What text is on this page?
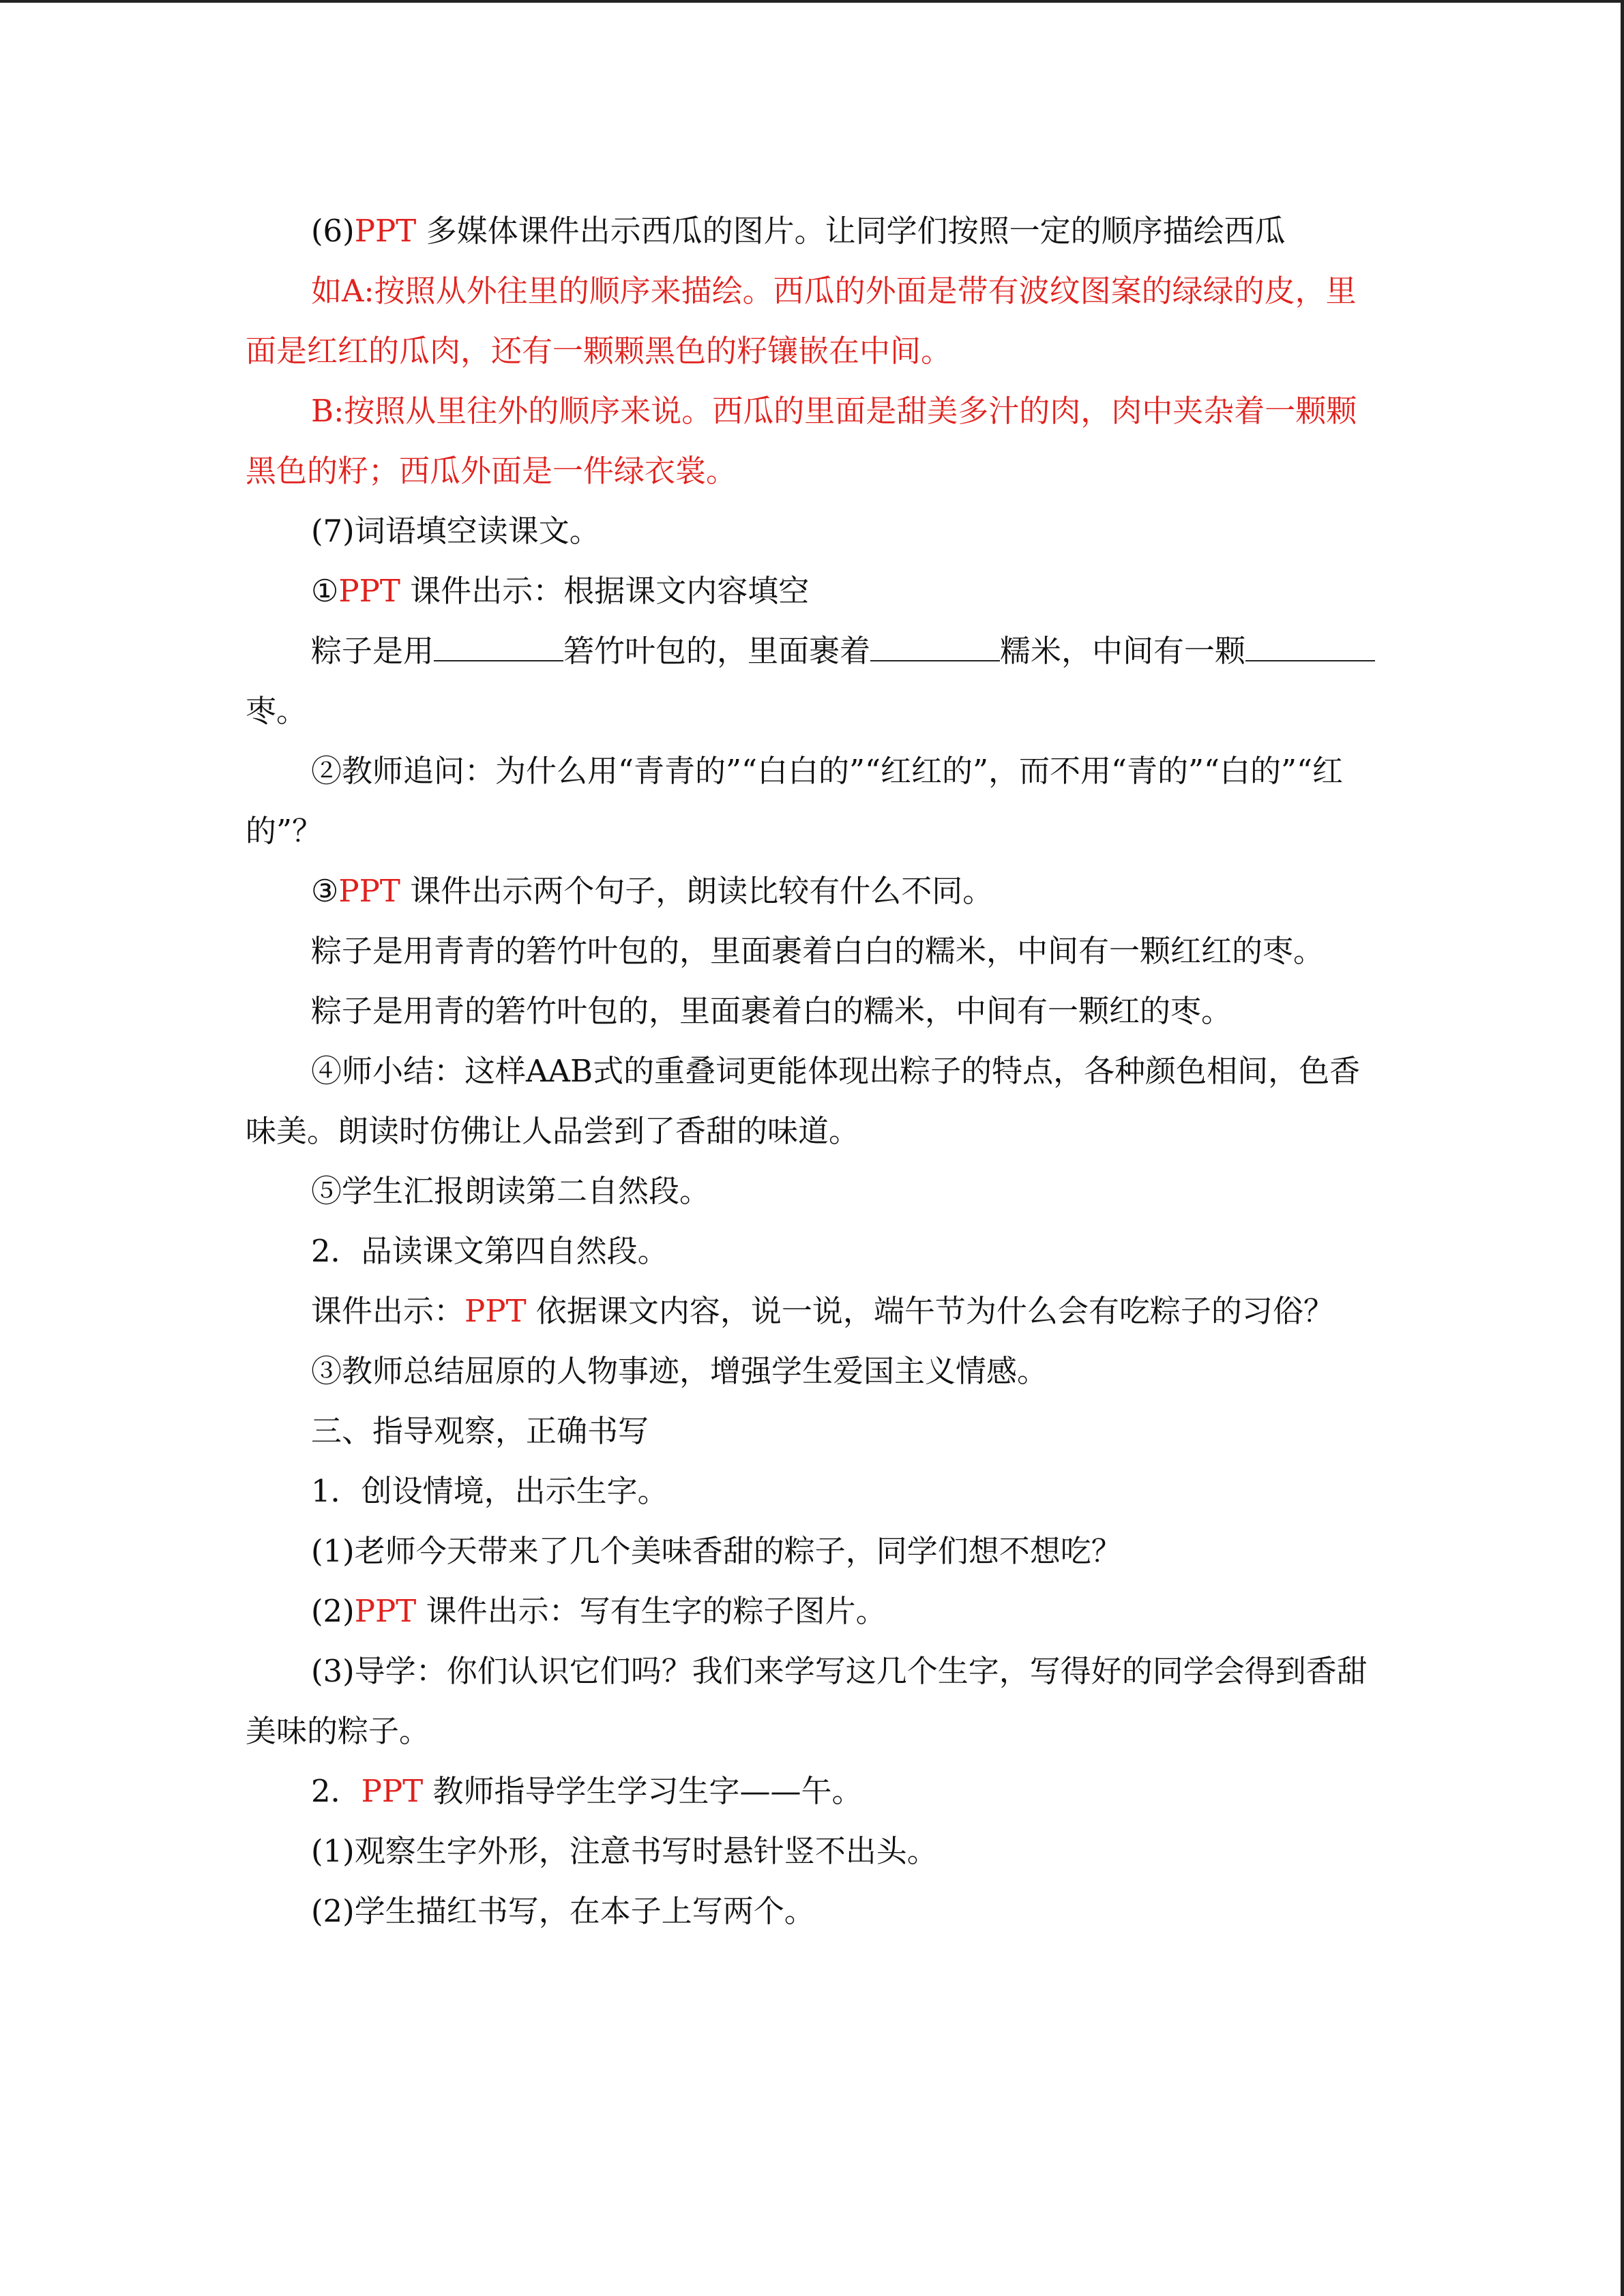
(6)PPT 多媒体课件出示西瓜的图片。让同学们按照一定的顺序描绘西瓜

如A:按照从外往里的顺序来描绘。西瓜的外面是带有波纹图案的绿绿的皮，里面是红红的瓜肉，还有一颗颗黑色的籽镶嵌在中间。

B:按照从里往外的顺序来说。西瓜的里面是甜美多汁的肉，肉中夹杂着一颗颗黑色的籽；西瓜外面是一件绿衣裳。

(7)词语填空读课文。

①PPT 课件出示：根据课文内容填空

粽子是用	箬竹叶包的，里面裹着	糯米，中间有一颗枣。

②教师追问：为什么用“青青的”“白白的”“红红的”，而不用“青的”“白的”“红的”？

③PPT 课件出示两个句子，朗读比较有什么不同。

粽子是用青青的箬竹叶包的，里面裹着白白的糯米，中间有一颗红红的枣。

粽子是用青的箬竹叶包的，里面裹着白的糯米，中间有一颗红的枣。

④师小结：这样AAB式的重叠词更能体现出粽子的特点，各种颜色相间，色香味美。朗读时仿佛让人品尝到了香甜的味道。

⑤学生汇报朗读第二自然段。

2．品读课文第四自然段。

课件出示：PPT 依据课文内容，说一说，端午节为什么会有吃粽子的习俗？

③教师总结屈原的人物事迹，增强学生爱国主义情感。

三、指导观察，正确书写

1．创设情境，出示生字。

(1)老师今天带来了几个美味香甜的粽子，同学们想不想吃？

(2)PPT 课件出示：写有生字的粽子图片。

(3)导学：你们认识它们吗？我们来学写这几个生字，写得好的同学会得到香甜美味的粽子。

2．PPT 教师指导学生学习生字——午。

(1)观察生字外形，注意书写时悬针竖不出头。

(2)学生描红书写，在本子上写两个。
